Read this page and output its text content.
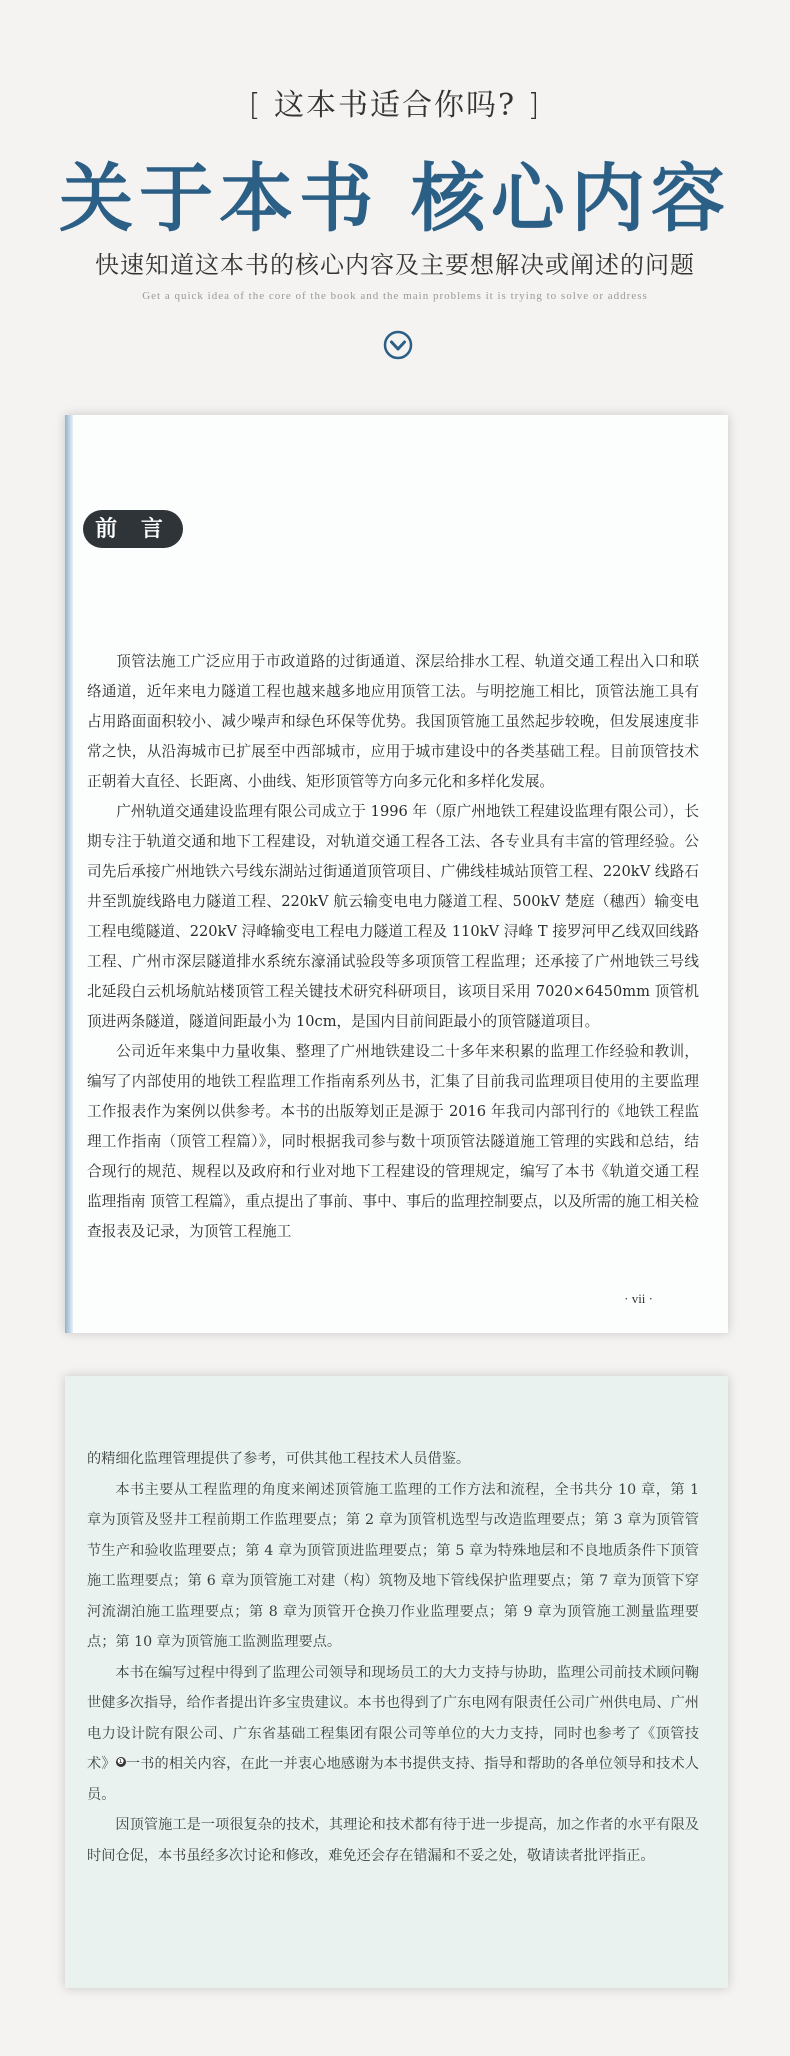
[ 这本书适合你吗? ]
关于本书 核心内容
快速知道这本书的核心内容及主要想解决或阐述的问题
Get a quick idea of the core of the book and the main problems it is trying to solve or address
前 言

顶管法施工广泛应用于市政道路的过街通道、深层给排水工程、轨道交通工程出入口和联络通道，近年来电力隧道工程也越来越多地应用顶管工法。与明挖施工相比，顶管法施工具有占用路面面积较小、减少噪声和绿色环保等优势。我国顶管施工虽然起步较晚，但发展速度非常之快，从沿海城市已扩展至中西部城市，应用于城市建设中的各类基础工程。目前顶管技术正朝着大直径、长距离、小曲线、矩形顶管等方向多元化和多样化发展。

广州轨道交通建设监理有限公司成立于 1996 年（原广州地铁工程建设监理有限公司），长期专注于轨道交通和地下工程建设，对轨道交通工程各工法、各专业具有丰富的管理经验。公司先后承接广州地铁六号线东湖站过街通道顶管项目、广佛线桂城站顶管工程、220kV 线路石井至凯旋线路电力隧道工程、220kV 航云输变电电力隧道工程、500kV 楚庭（穗西）输变电工程电缆隧道、220kV 浔峰输变电工程电力隧道工程及 110kV 浔峰 T 接罗河甲乙线双回线路工程、广州市深层隧道排水系统东濠涌试验段等多项顶管工程监理；还承接了广州地铁三号线北延段白云机场航站楼顶管工程关键技术研究科研项目，该项目采用 7020×6450mm 顶管机顶进两条隧道，隧道间距最小为 10cm，是国内目前间距最小的顶管隧道项目。

公司近年来集中力量收集、整理了广州地铁建设二十多年来积累的监理工作经验和教训，编写了内部使用的地铁工程监理工作指南系列丛书，汇集了目前我司监理项目使用的主要监理工作报表作为案例以供参考。本书的出版筹划正是源于 2016 年我司内部刊行的《地铁工程监理工作指南（顶管工程篇）》，同时根据我司参与数十项顶管法隧道施工管理的实践和总结，结合现行的规范、规程以及政府和行业对地下工程建设的管理规定，编写了本书《轨道交通工程监理指南 顶管工程篇》，重点提出了事前、事中、事后的监理控制要点，以及所需的施工相关检查报表及记录，为顶管工程施工

· vii ·

的精细化监理管理提供了参考，可供其他工程技术人员借鉴。

本书主要从工程监理的角度来阐述顶管施工监理的工作方法和流程，全书共分 10 章，第 1 章为顶管及竖井工程前期工作监理要点；第 2 章为顶管机选型与改造监理要点；第 3 章为顶管管节生产和验收监理要点；第 4 章为顶管顶进监理要点；第 5 章为特殊地层和不良地质条件下顶管施工监理要点；第 6 章为顶管施工对建（构）筑物及地下管线保护监理要点；第 7 章为顶管下穿河流湖泊施工监理要点；第 8 章为顶管开仓换刀作业监理要点；第 9 章为顶管施工测量监理要点；第 10 章为顶管施工监测监理要点。

本书在编写过程中得到了监理公司领导和现场员工的大力支持与协助，监理公司前技术顾问鞠世健多次指导，给作者提出许多宝贵建议。本书也得到了广东电网有限责任公司广州供电局、广州电力设计院有限公司、广东省基础工程集团有限公司等单位的大力支持，同时也参考了《顶管技术》❶一书的相关内容，在此一并衷心地感谢为本书提供支持、指导和帮助的各单位领导和技术人员。

因顶管施工是一项很复杂的技术，其理论和技术都有待于进一步提高，加之作者的水平有限及时间仓促，本书虽经多次讨论和修改，难免还会存在错漏和不妥之处，敬请读者批评指正。
